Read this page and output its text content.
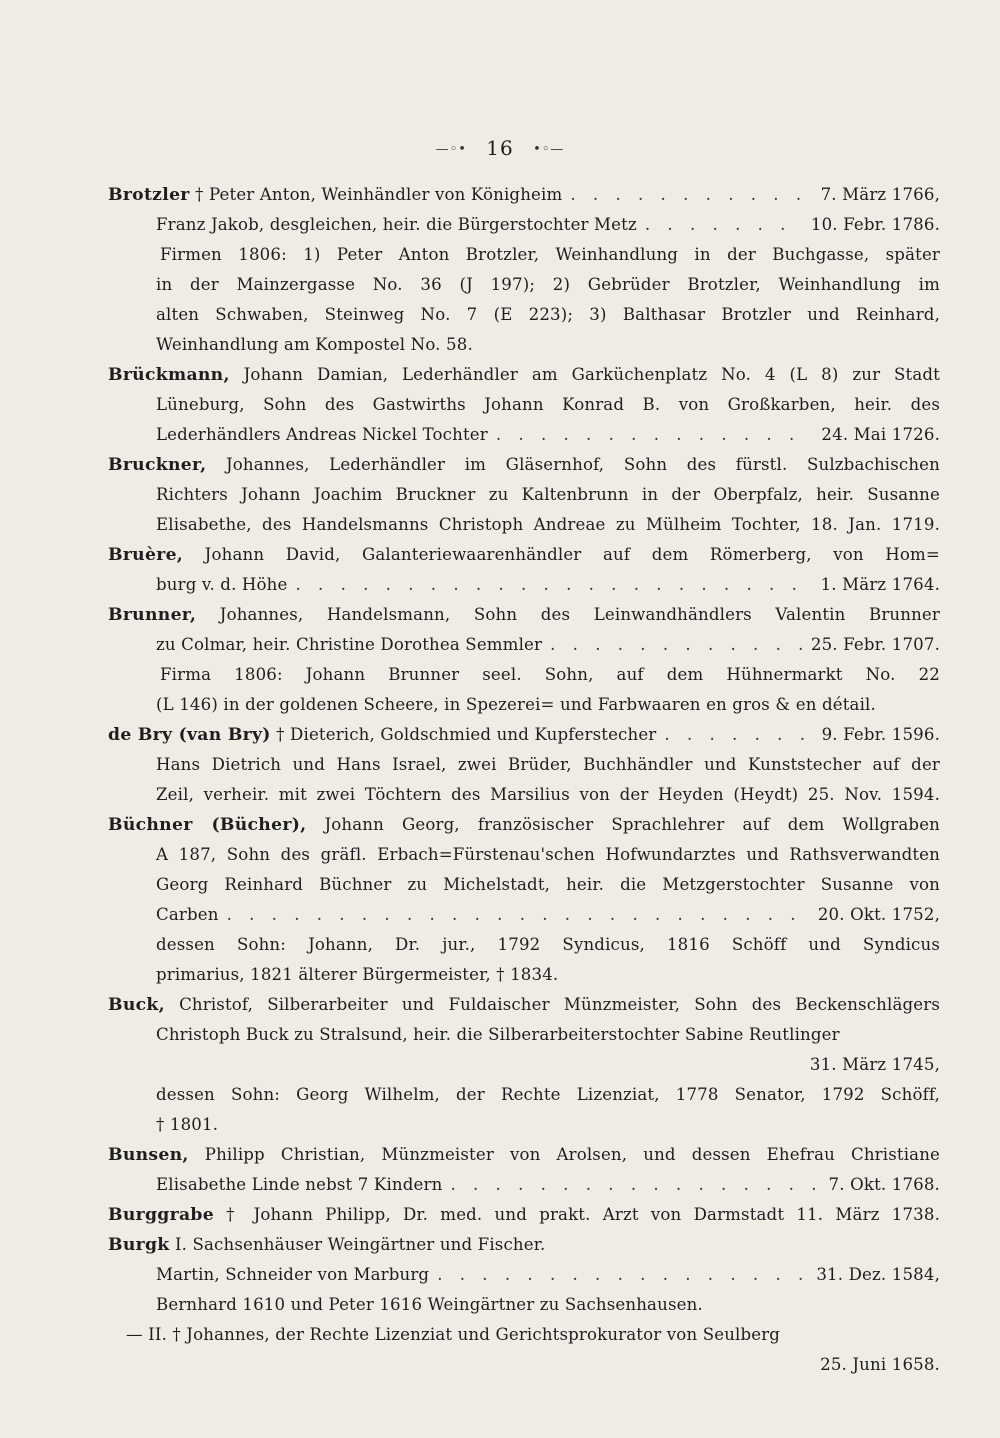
—◦• 16 •◦—
Brotzler † Peter Anton, Weinhändler von Königheim . . .	7. März 1766,
Franz Jakob, desgleichen, heir. die Bürgerstochter Metz . . .	10. Febr. 1786.
Firmen 1806: 1) Peter Anton Brotzler, Weinhandlung in der Buchgasse, später
in der Mainzergasse No. 36 (J 197); 2) Gebrüder Brotzler, Weinhandlung im
alten Schwaben, Steinweg No. 7 (E 223); 3) Balthasar Brotzler und Reinhard,
Weinhandlung am Kompostel No. 58.
Brückmann, Johann Damian, Lederhändler am Garküchenplatz No. 4 (L 8) zur Stadt
Lüneburg, Sohn des Gastwirths Johann Konrad B. von Großkarben, heir. des
Lederhändlers Andreas Nickel Tochter . . .	24. Mai 1726.
Bruckner, Johannes, Lederhändler im Gläsernhof, Sohn des fürstl. Sulzbachischen
Richters Johann Joachim Bruckner zu Kaltenbrunn in der Oberpfalz, heir. Susanne
Elisabethe, des Handelsmanns Christoph Andreae zu Mülheim Tochter, 18. Jan. 1719.
Bruère, Johann David, Galanteriewaarenhändler auf dem Römerberg, von Hom=
burg v. d. Höhe . . .	1. März 1764.
Brunner, Johannes, Handelsmann, Sohn des Leinwandhändlers Valentin Brunner
zu Colmar, heir. Christine Dorothea Semmler . . .	25. Febr. 1707.
Firma 1806: Johann Brunner seel. Sohn, auf dem Hühnermarkt No. 22
(L 146) in der goldenen Scheere, in Spezerei= und Farbwaaren en gros & en détail.
de Bry (van Bry) † Dieterich, Goldschmied und Kupferstecher . . .	9. Febr. 1596.
Hans Dietrich und Hans Israel, zwei Brüder, Buchhändler und Kunststecher auf der
Zeil, verheir. mit zwei Töchtern des Marsilius von der Heyden (Heydt) 25. Nov. 1594.
Büchner (Bücher), Johann Georg, französischer Sprachlehrer auf dem Wollgraben
A 187, Sohn des gräfl. Erbach=Fürstenau'schen Hofwundarztes und Rathsverwandten
Georg Reinhard Büchner zu Michelstadt, heir. die Metzgerstochter Susanne von
Carben . . .	20. Okt. 1752,
dessen Sohn: Johann, Dr. jur., 1792 Syndicus, 1816 Schöff und Syndicus
primarius, 1821 älterer Bürgermeister, † 1834.
Buck, Christof, Silberarbeiter und Fuldaischer Münzmeister, Sohn des Beckenschlägers
Christoph Buck zu Stralsund, heir. die Silberarbeiterstochter Sabine Reutlinger
31. März 1745,
dessen Sohn: Georg Wilhelm, der Rechte Lizenziat, 1778 Senator, 1792 Schöff,
† 1801.
Bunsen, Philipp Christian, Münzmeister von Arolsen, und dessen Ehefrau Christiane
Elisabethe Linde nebst 7 Kindern . . .	7. Okt. 1768.
Burggrabe † Johann Philipp, Dr. med. und prakt. Arzt von Darmstadt 11. März 1738.
Burgk I. Sachsenhäuser Weingärtner und Fischer.
Martin, Schneider von Marburg . . .	31. Dez. 1584,
Bernhard 1610 und Peter 1616 Weingärtner zu Sachsenhausen.
— II. † Johannes, der Rechte Lizenziat und Gerichtsprokurator von Seulberg
25. Juni 1658.
